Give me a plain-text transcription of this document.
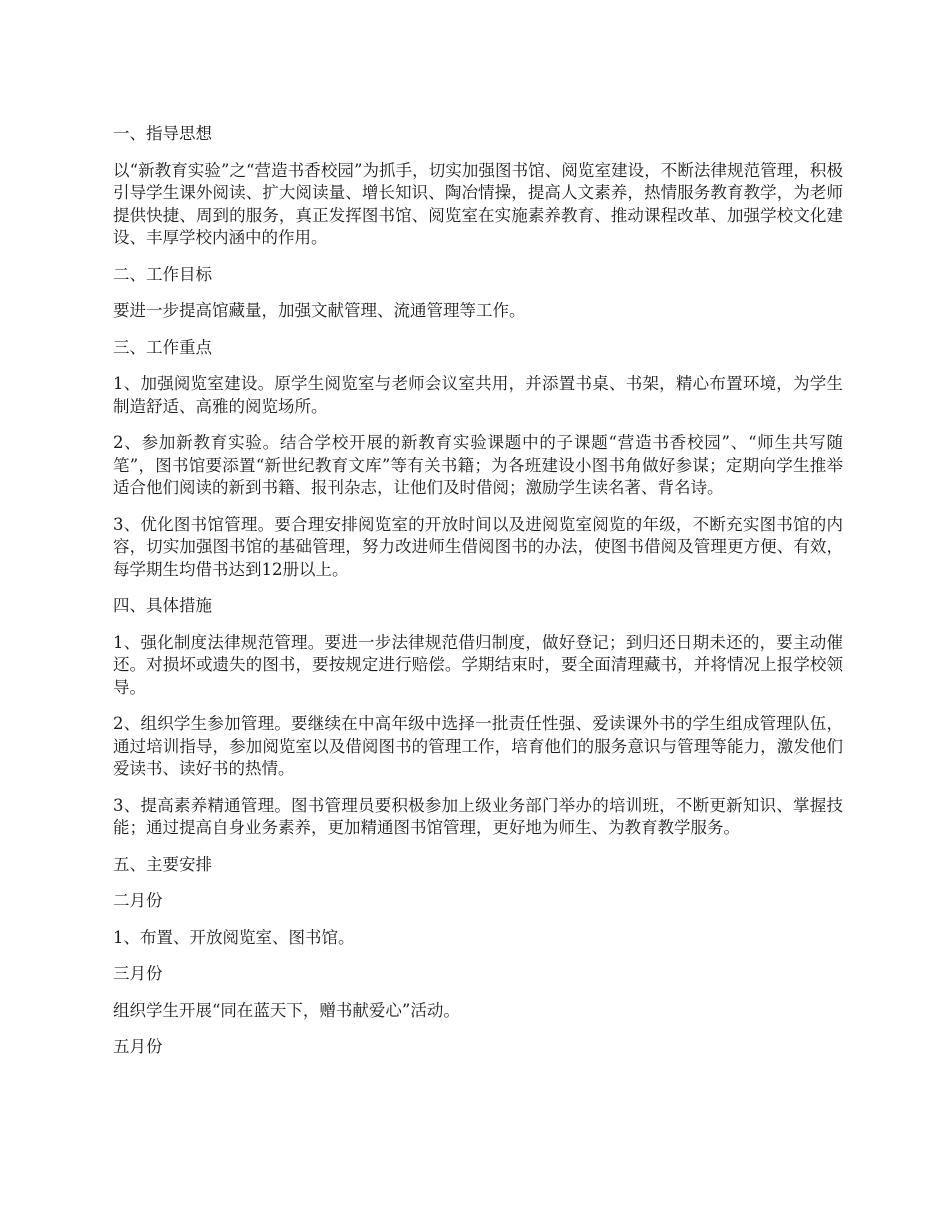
一、指导思想

以“新教育实验”之“营造书香校园”为抓手，切实加强图书馆、阅览室建设，不断法律规范管理，积极引导学生课外阅读、扩大阅读量、增长知识、陶冶情操，提高人文素养，热情服务教育教学，为老师提供快捷、周到的服务，真正发挥图书馆、阅览室在实施素养教育、推动课程改革、加强学校文化建设、丰厚学校内涵中的作用。

二、工作目标

要进一步提高馆藏量，加强文献管理、流通管理等工作。

三、工作重点

1、加强阅览室建设。原学生阅览室与老师会议室共用，并添置书桌、书架，精心布置环境，为学生制造舒适、高雅的阅览场所。

2、参加新教育实验。结合学校开展的新教育实验课题中的子课题“营造书香校园”、“师生共写随笔”，图书馆要添置“新世纪教育文库”等有关书籍；为各班建设小图书角做好参谋；定期向学生推举适合他们阅读的新到书籍、报刊杂志，让他们及时借阅；激励学生读名著、背名诗。

3、优化图书馆管理。要合理安排阅览室的开放时间以及进阅览室阅览的年级，不断充实图书馆的内容，切实加强图书馆的基础管理，努力改进师生借阅图书的办法，使图书借阅及管理更方便、有效，每学期生均借书达到12册以上。

四、具体措施

1、强化制度法律规范管理。要进一步法律规范借归制度，做好登记；到归还日期未还的，要主动催还。对损坏或遗失的图书，要按规定进行赔偿。学期结束时，要全面清理藏书，并将情况上报学校领导。

2、组织学生参加管理。要继续在中高年级中选择一批责任性强、爱读课外书的学生组成管理队伍，通过培训指导，参加阅览室以及借阅图书的管理工作，培育他们的服务意识与管理等能力，激发他们爱读书、读好书的热情。

3、提高素养精通管理。图书管理员要积极参加上级业务部门举办的培训班，不断更新知识、掌握技能；通过提高自身业务素养，更加精通图书馆管理，更好地为师生、为教育教学服务。

五、主要安排

二月份

1、布置、开放阅览室、图书馆。

三月份

组织学生开展“同在蓝天下，赠书献爱心”活动。

五月份
